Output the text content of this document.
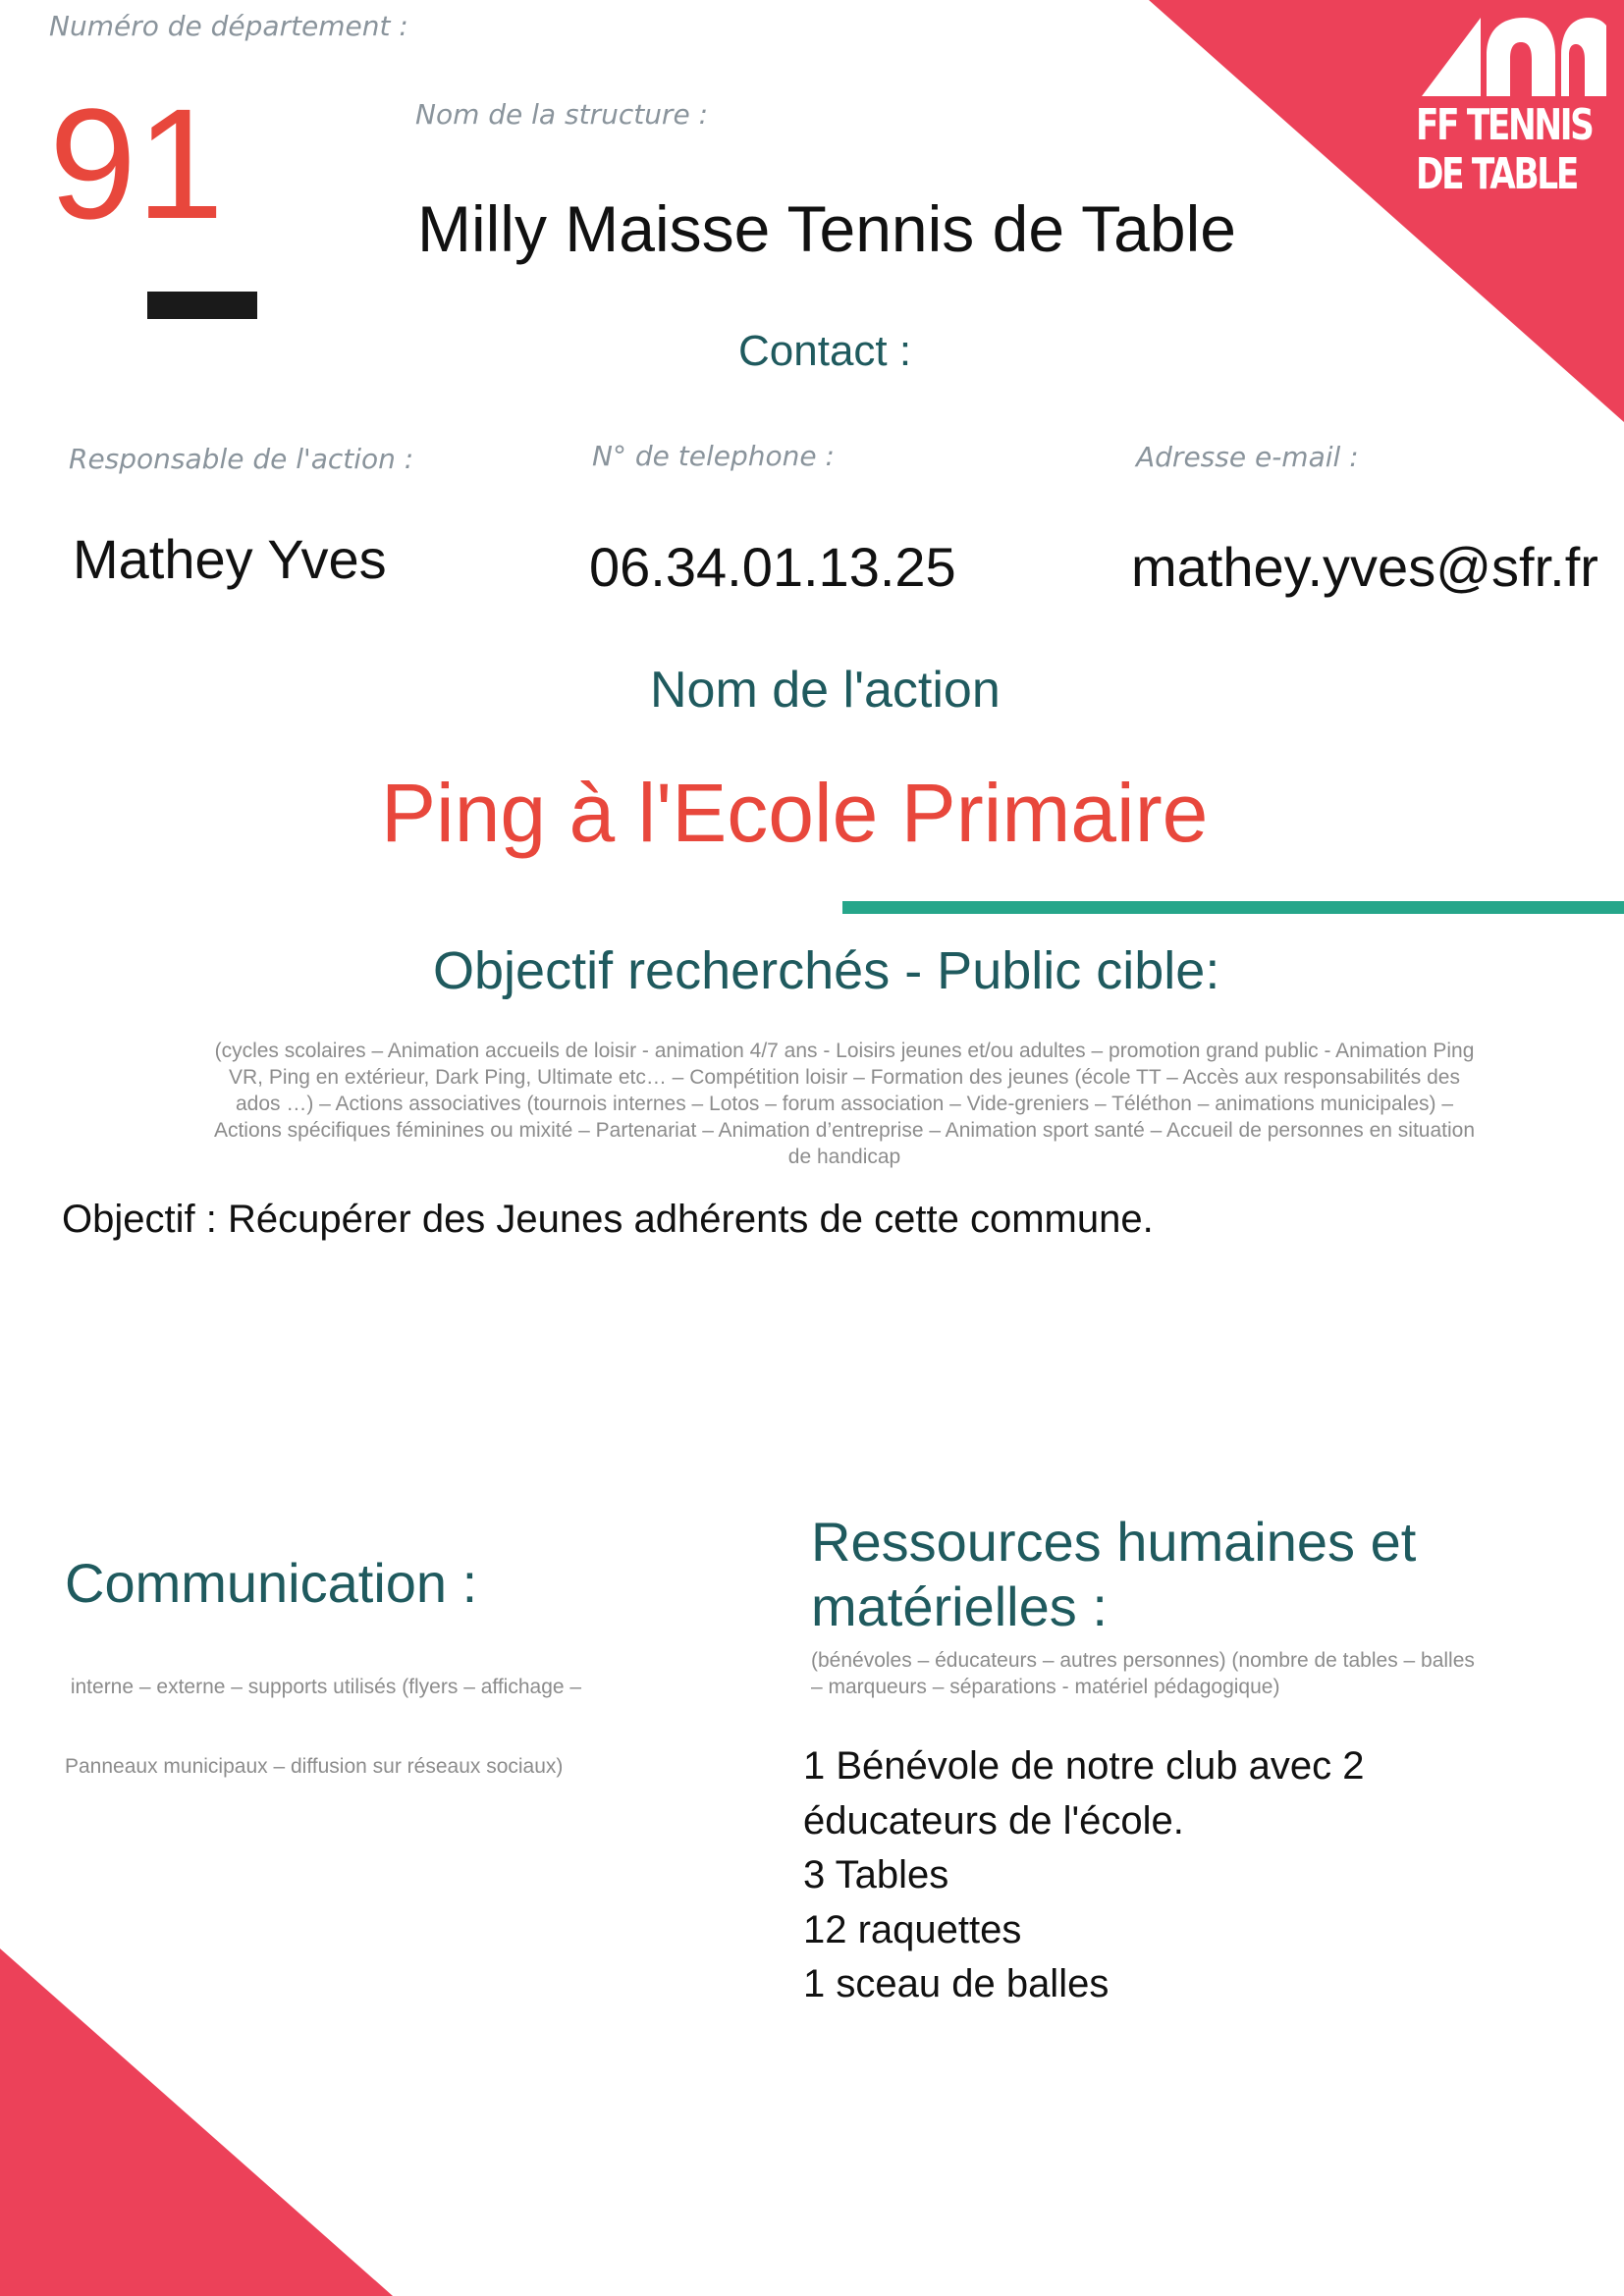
FF TENNIS
DE TABLE
Numéro de département :
91	Nom de la structure :
Milly Maisse Tennis de Table
Contact :
Responsable de l'action :	N° de telephone :	Adresse e-mail :
Mathey Yves	06.34.01.13.25	mathey.yves@sfr.fr
Nom de l'action
Ping à l'Ecole Primaire
Objectif recherchés - Public cible:
(cycles scolaires – Animation accueils de loisir - animation 4/7 ans - Loisirs jeunes et/ou adultes – promotion grand public - Animation Ping
VR, Ping en extérieur, Dark Ping, Ultimate etc… – Compétition loisir – Formation des jeunes (école TT – Accès aux responsabilités des
ados …) – Actions associatives (tournois internes – Lotos – forum association – Vide-greniers – Téléthon – animations municipales) –
Actions spécifiques féminines ou mixité – Partenariat – Animation d’entreprise – Animation sport santé – Accueil de personnes en situation
de handicap
Objectif : Récupérer des Jeunes adhérents de cette commune.
Communication :

interne – externe – supports utilisés (flyers – affichage –

Panneaux municipaux – diffusion sur réseaux sociaux)

Ressources humaines et
matérielles :
(bénévoles – éducateurs – autres personnes) (nombre de tables – balles
– marqueurs – séparations - matériel pédagogique)
1 Bénévole de notre club avec 2
éducateurs de l'école.
3 Tables
12 raquettes
1 sceau de balles
